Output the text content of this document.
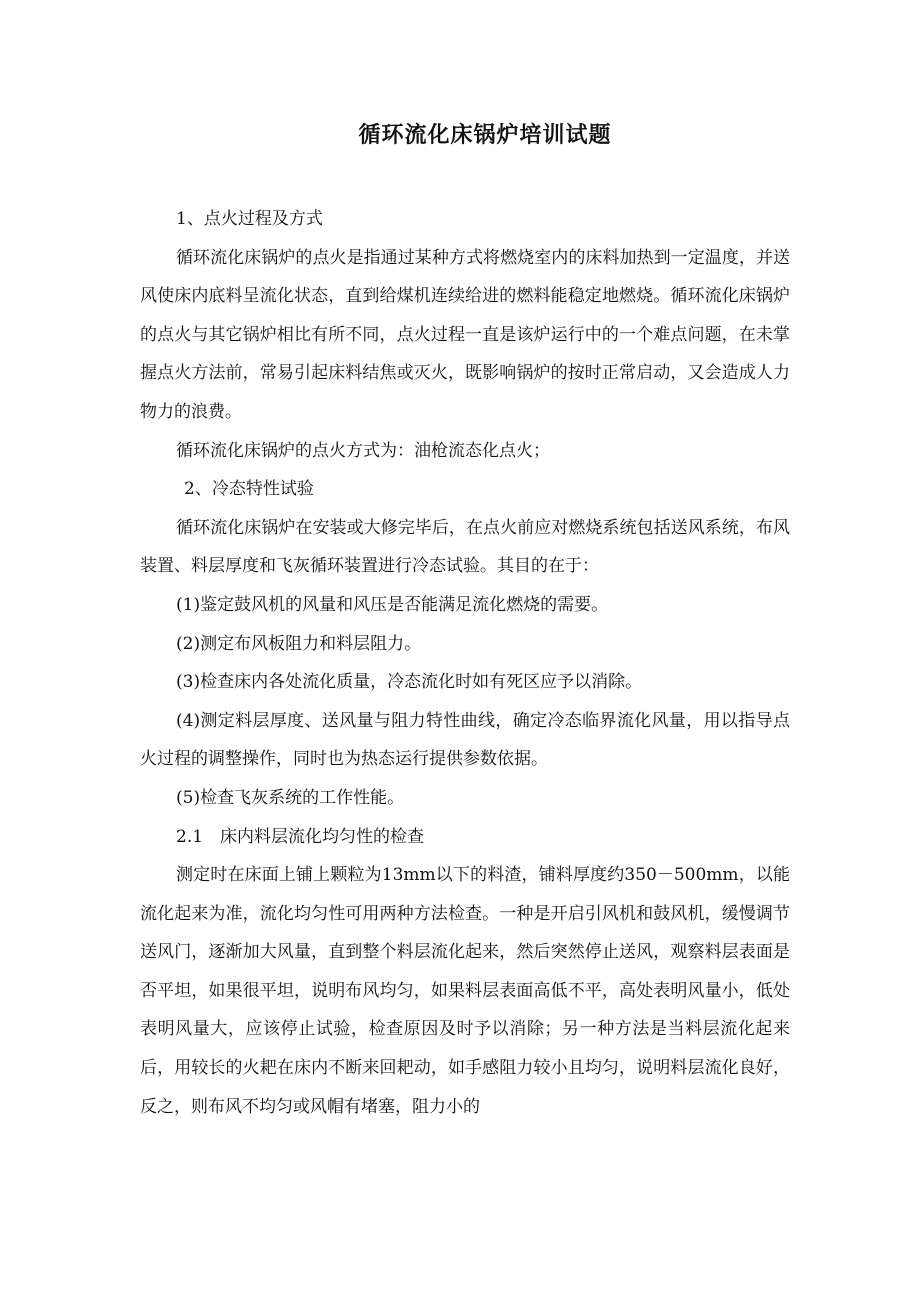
循环流化床锅炉培训试题

1、点火过程及方式

循环流化床锅炉的点火是指通过某种方式将燃烧室内的床料加热到一定温度，并送风使床内底料呈流化状态，直到给煤机连续给进的燃料能稳定地燃烧。循环流化床锅炉的点火与其它锅炉相比有所不同，点火过程一直是该炉运行中的一个难点问题，在未掌握点火方法前，常易引起床料结焦或灭火，既影响锅炉的按时正常启动，又会造成人力物力的浪费。

循环流化床锅炉的点火方式为：油枪流态化点火；

2、冷态特性试验

循环流化床锅炉在安装或大修完毕后，在点火前应对燃烧系统包括送风系统，布风装置、料层厚度和飞灰循环装置进行冷态试验。其目的在于：

(1)鉴定鼓风机的风量和风压是否能满足流化燃烧的需要。

(2)测定布风板阻力和料层阻力。

(3)检查床内各处流化质量，冷态流化时如有死区应予以消除。

(4)测定料层厚度、送风量与阻力特性曲线，确定冷态临界流化风量，用以指导点火过程的调整操作，同时也为热态运行提供参数依据。

(5)检查飞灰系统的工作性能。

2.1　床内料层流化均匀性的检查

测定时在床面上铺上颗粒为13mm以下的料渣，铺料厚度约350－500mm，以能流化起来为准，流化均匀性可用两种方法检查。一种是开启引风机和鼓风机，缓慢调节送风门，逐渐加大风量，直到整个料层流化起来，然后突然停止送风，观察料层表面是否平坦，如果很平坦，说明布风均匀，如果料层表面高低不平，高处表明风量小，低处表明风量大，应该停止试验，检查原因及时予以消除；另一种方法是当料层流化起来后，用较长的火耙在床内不断来回耙动，如手感阻力较小且均匀，说明料层流化良好，反之，则布风不均匀或风帽有堵塞，阻力小的
